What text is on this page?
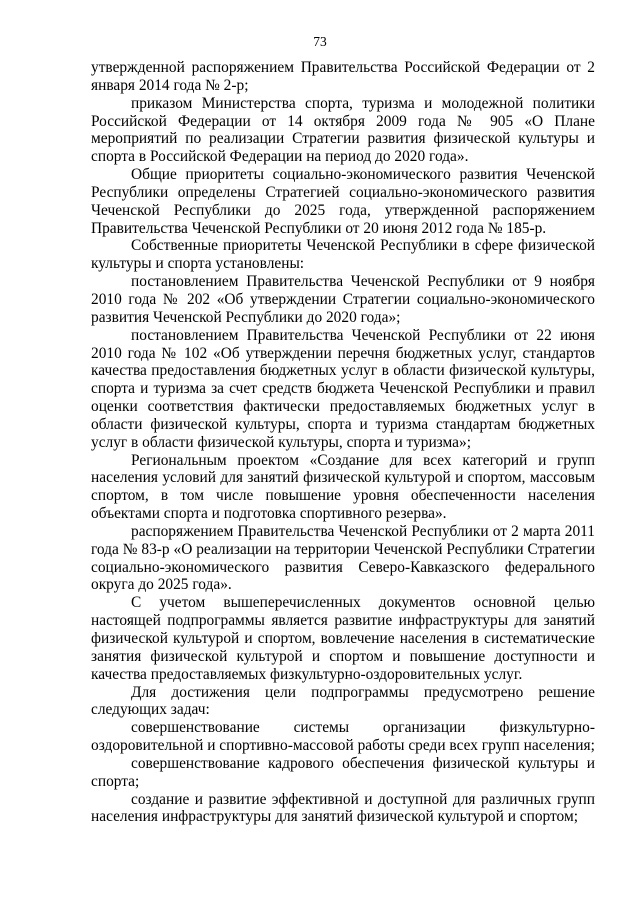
73

утвержденной распоряжением Правительства Российской Федерации от 2 января 2014 года № 2-р;

приказом Министерства спорта, туризма и молодежной политики Российской Федерации от 14 октября 2009 года № 905 «О Плане мероприятий по реализации Стратегии развития физической культуры и спорта в Российской Федерации на период до 2020 года».

Общие приоритеты социально-экономического развития Чеченской Республики определены Стратегией социально-экономического развития Чеченской Республики до 2025 года, утвержденной распоряжением Правительства Чеченской Республики от 20 июня 2012 года № 185-р.

Собственные приоритеты Чеченской Республики в сфере физической культуры и спорта установлены:

постановлением Правительства Чеченской Республики от 9 ноября 2010 года № 202 «Об утверждении Стратегии социально-экономического развития Чеченской Республики до 2020 года»;

постановлением Правительства Чеченской Республики от 22 июня 2010 года № 102 «Об утверждении перечня бюджетных услуг, стандартов качества предоставления бюджетных услуг в области физической культуры, спорта и туризма за счет средств бюджета Чеченской Республики и правил оценки соответствия фактически предоставляемых бюджетных услуг в области физической культуры, спорта и туризма стандартам бюджетных услуг в области физической культуры, спорта и туризма»;

Региональным проектом «Создание для всех категорий и групп населения условий для занятий физической культурой и спортом, массовым спортом, в том числе повышение уровня обеспеченности населения объектами спорта и подготовка спортивного резерва».

распоряжением Правительства Чеченской Республики от 2 марта 2011 года № 83-р «О реализации на территории Чеченской Республики Стратегии социально-экономического развития Северо-Кавказского федерального округа до 2025 года».

С учетом вышеперечисленных документов основной целью настоящей подпрограммы является развитие инфраструктуры для занятий физической культурой и спортом, вовлечение населения в систематические занятия физической культурой и спортом и повышение доступности и качества предоставляемых физкультурно-оздоровительных услуг.

Для достижения цели подпрограммы предусмотрено решение следующих задач:

совершенствование системы организации физкультурно-оздоровительной и спортивно-массовой работы среди всех групп населения;

совершенствование кадрового обеспечения физической культуры и спорта;

создание и развитие эффективной и доступной для различных групп населения инфраструктуры для занятий физической культурой и спортом;
